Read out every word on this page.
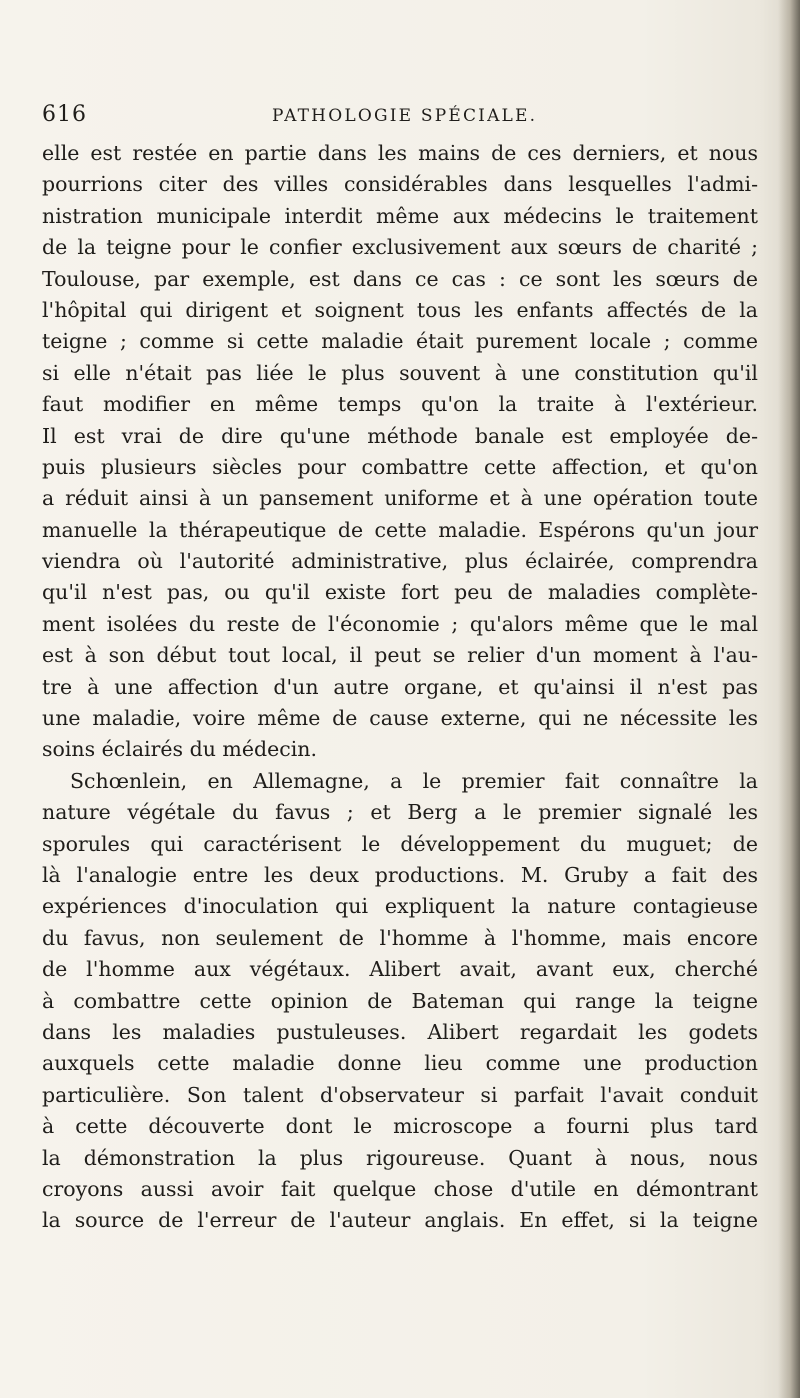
616	PATHOLOGIE SPÉCIALE.
elle est restée en partie dans les mains de ces derniers, et nous
pourrions citer des villes considérables dans lesquelles l'admi-
nistration municipale interdit même aux médecins le traitement
de la teigne pour le confier exclusivement aux sœurs de charité ;
Toulouse, par exemple, est dans ce cas : ce sont les sœurs de
l'hôpital qui dirigent et soignent tous les enfants affectés de la
teigne ; comme si cette maladie était purement locale ; comme
si elle n'était pas liée le plus souvent à une constitution qu'il
faut modifier en même temps qu'on la traite à l'extérieur.
Il est vrai de dire qu'une méthode banale est employée de-
puis plusieurs siècles pour combattre cette affection, et qu'on
a réduit ainsi à un pansement uniforme et à une opération toute
manuelle la thérapeutique de cette maladie. Espérons qu'un jour
viendra où l'autorité administrative, plus éclairée, comprendra
qu'il n'est pas, ou qu'il existe fort peu de maladies complète-
ment isolées du reste de l'économie ; qu'alors même que le mal
est à son début tout local, il peut se relier d'un moment à l'au-
tre à une affection d'un autre organe, et qu'ainsi il n'est pas
une maladie, voire même de cause externe, qui ne nécessite les
soins éclairés du médecin.
Schœnlein, en Allemagne, a le premier fait connaître la
nature végétale du favus ; et Berg a le premier signalé les
sporules qui caractérisent le développement du muguet; de
là l'analogie entre les deux productions. M. Gruby a fait des
expériences d'inoculation qui expliquent la nature contagieuse
du favus, non seulement de l'homme à l'homme, mais encore
de l'homme aux végétaux. Alibert avait, avant eux, cherché
à combattre cette opinion de Bateman qui range la teigne
dans les maladies pustuleuses. Alibert regardait les godets
auxquels cette maladie donne lieu comme une production
particulière. Son talent d'observateur si parfait l'avait conduit
à cette découverte dont le microscope a fourni plus tard
la démonstration la plus rigoureuse. Quant à nous, nous
croyons aussi avoir fait quelque chose d'utile en démontrant
la source de l'erreur de l'auteur anglais. En effet, si la teigne
